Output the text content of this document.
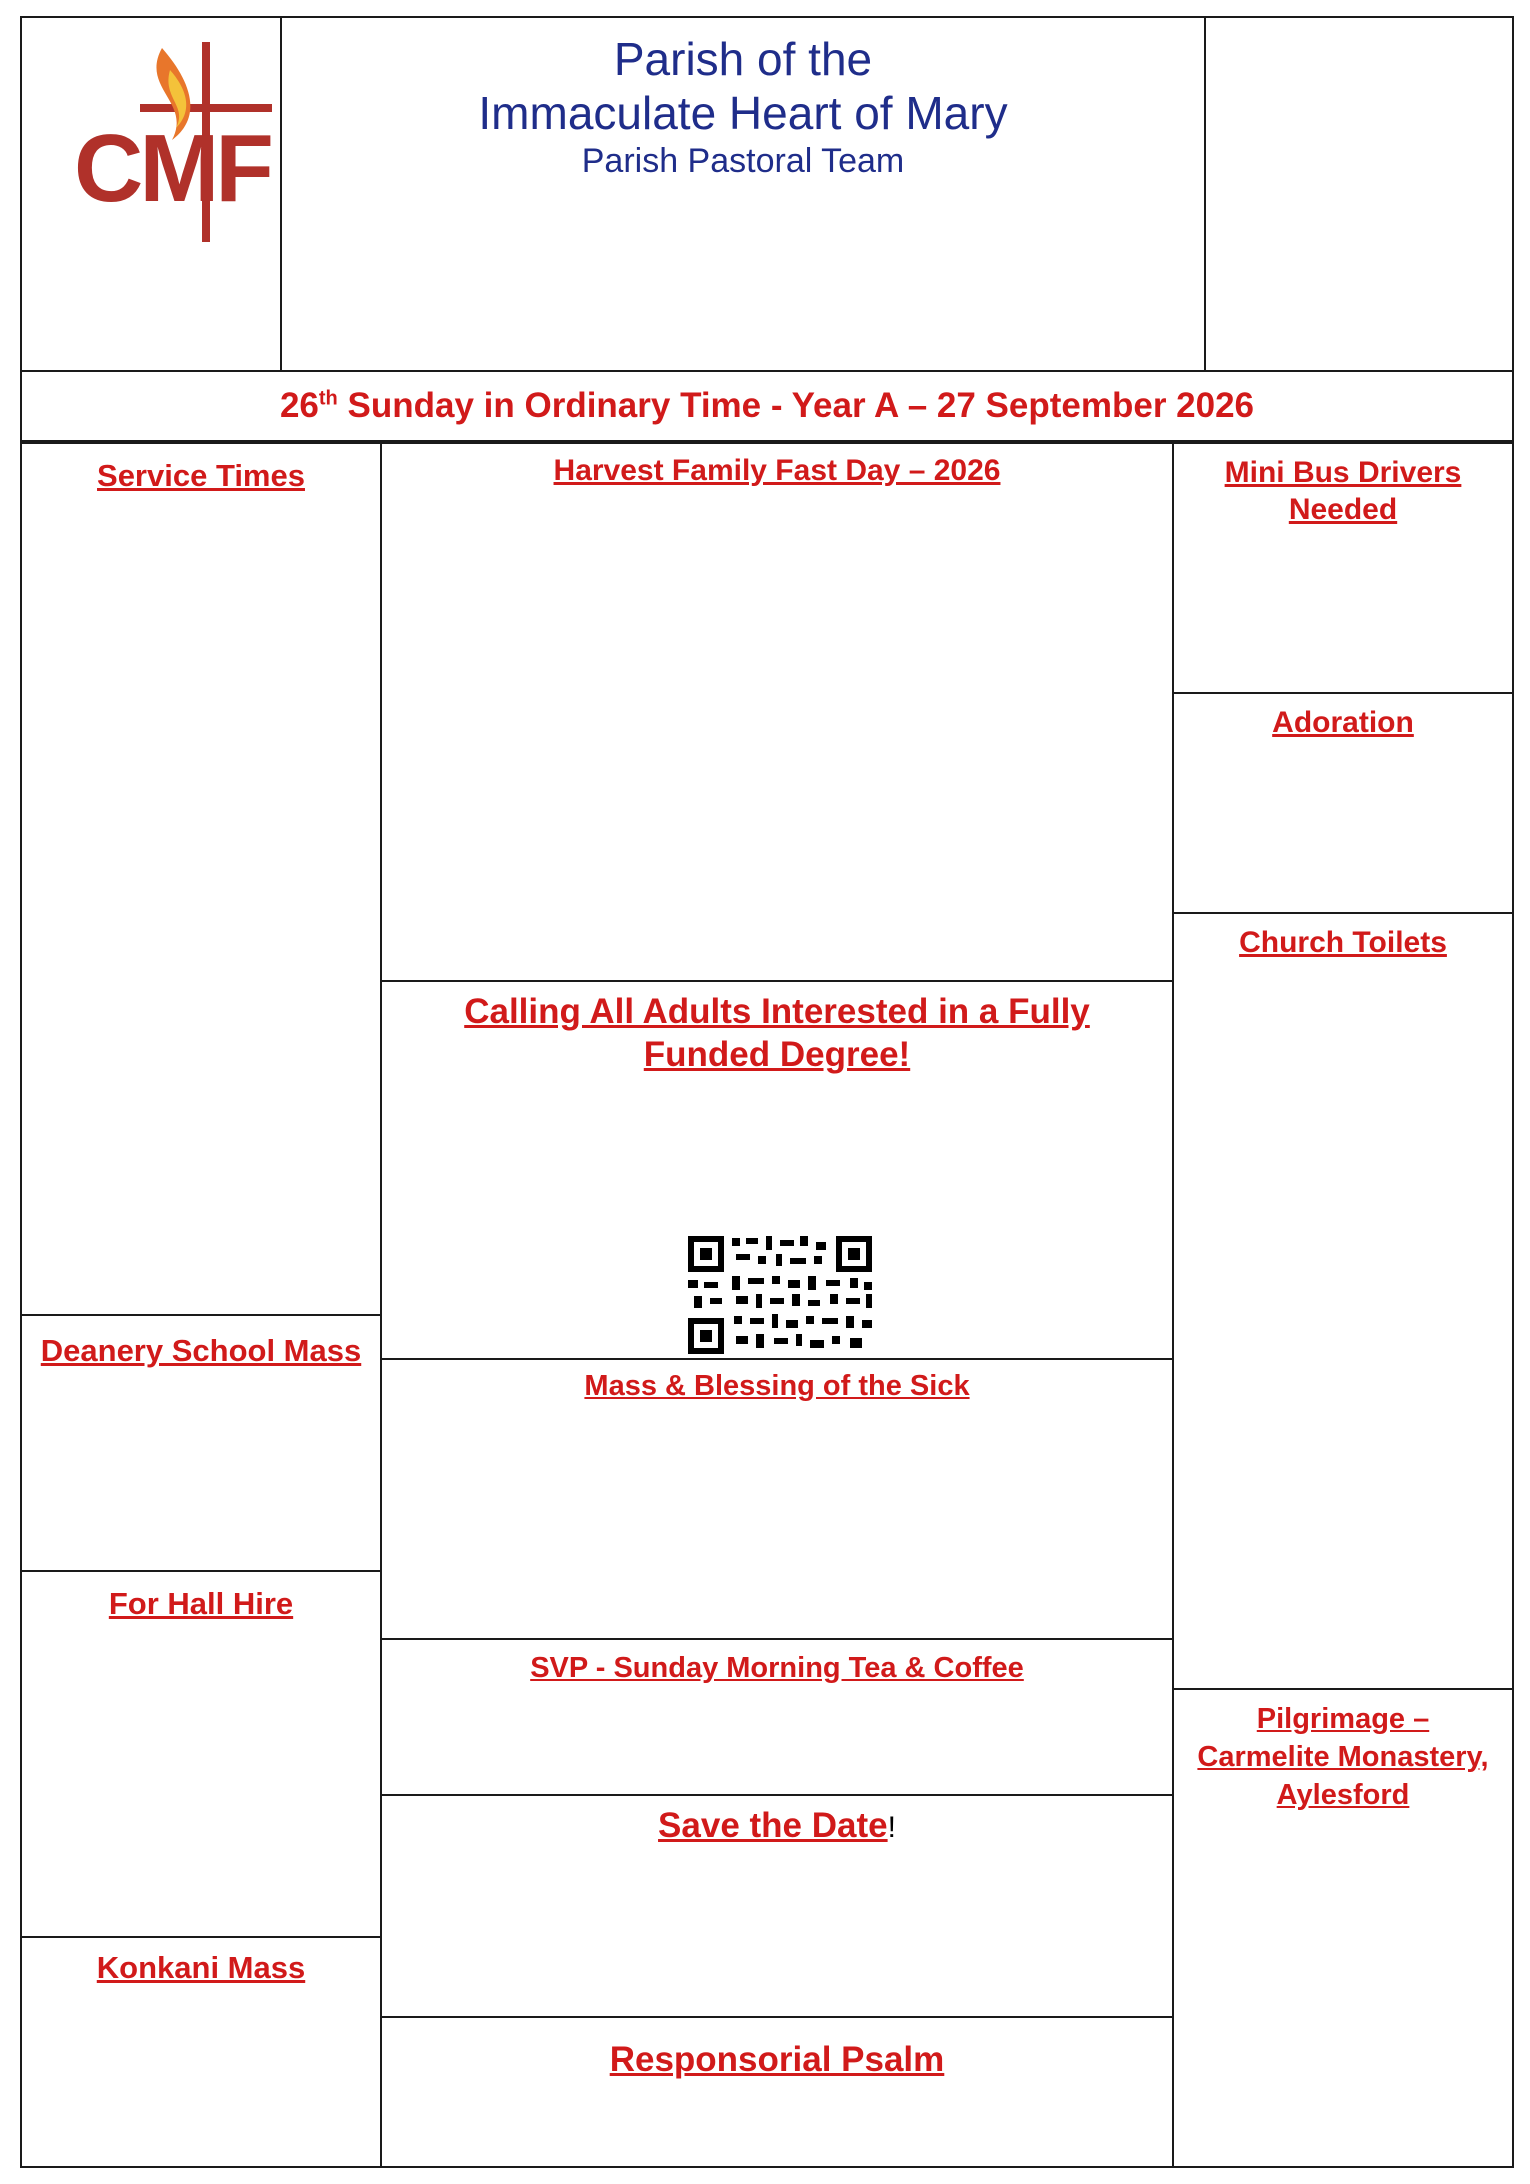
CMF
Parish of the
Immaculate Heart of Mary
Parish Pastoral Team
26th Sunday in Ordinary Time - Year A – 27 September 2026
Service Times
Deanery School Mass
For Hall Hire
Konkani Mass
Harvest Family Fast Day – 2026
Calling All Adults Interested in a Fully Funded Degree!
Mass & Blessing of the Sick
SVP - Sunday Morning Tea & Coffee
Save the Date!
Responsorial Psalm
Mini Bus Drivers Needed
Adoration
Church Toilets
Pilgrimage – Carmelite Monastery, Aylesford
